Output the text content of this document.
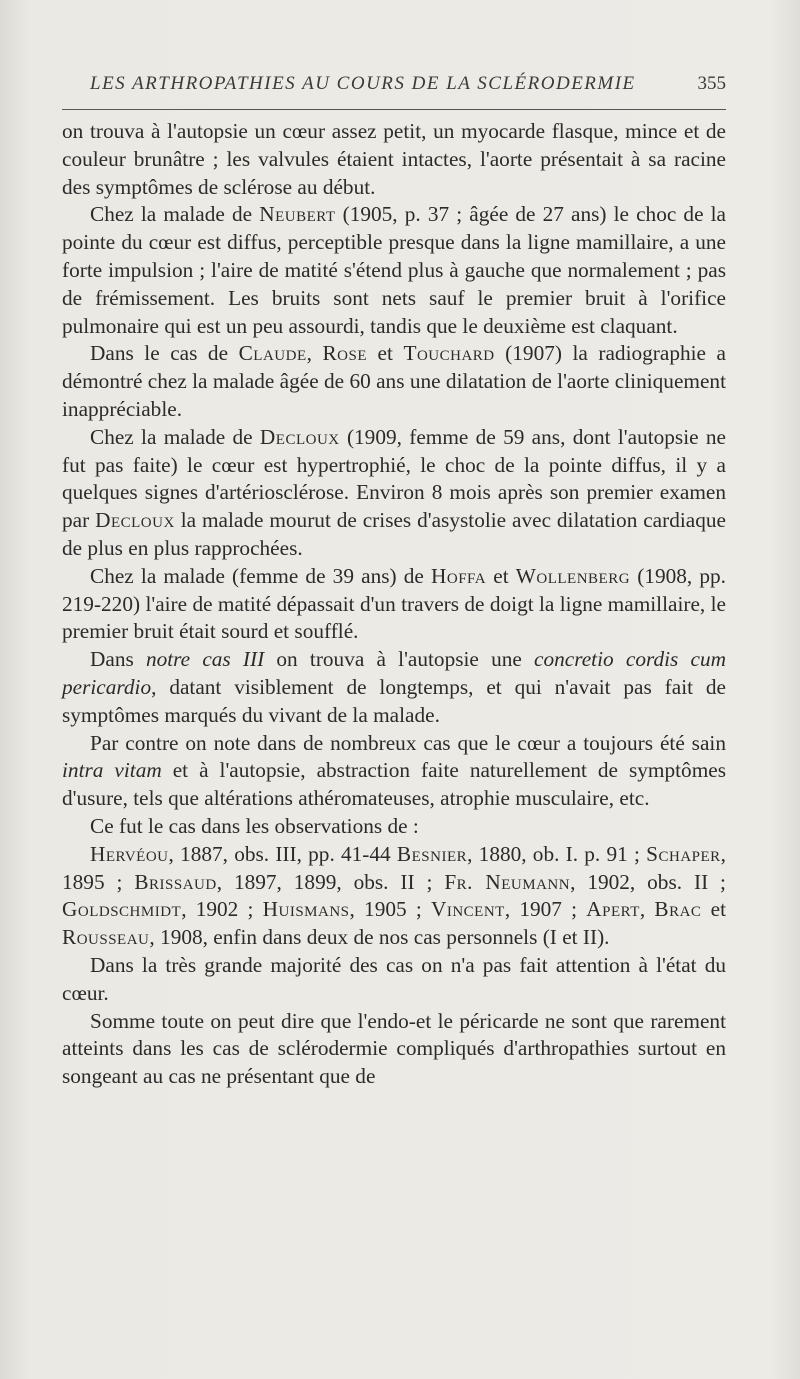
LES ARTHROPATHIES AU COURS DE LA SCLÉRODERMIE	355

on trouva à l'autopsie un cœur assez petit, un myocarde flasque, mince et de couleur brunâtre ; les valvules étaient intactes, l'aorte présentait à sa racine des symptômes de sclérose au début.

Chez la malade de Neubert (1905, p. 37 ; âgée de 27 ans) le choc de la pointe du cœur est diffus, perceptible presque dans la ligne mamillaire, a une forte impulsion ; l'aire de matité s'étend plus à gauche que normalement ; pas de frémissement. Les bruits sont nets sauf le premier bruit à l'orifice pulmonaire qui est un peu assourdi, tandis que le deuxième est claquant.

Dans le cas de Claude, Rose et Touchard (1907) la radiographie a démontré chez la malade âgée de 60 ans une dilatation de l'aorte cliniquement inappréciable.

Chez la malade de Decloux (1909, femme de 59 ans, dont l'autopsie ne fut pas faite) le cœur est hypertrophié, le choc de la pointe diffus, il y a quelques signes d'artériosclérose. Environ 8 mois après son premier examen par Decloux la malade mourut de crises d'asystolie avec dilatation cardiaque de plus en plus rapprochées.

Chez la malade (femme de 39 ans) de Hoffa et Wollenberg (1908, pp. 219-220) l'aire de matité dépassait d'un travers de doigt la ligne mamillaire, le premier bruit était sourd et soufflé.

Dans notre cas III on trouva à l'autopsie une concretio cordis cum pericardio, datant visiblement de longtemps, et qui n'avait pas fait de symptômes marqués du vivant de la malade.

Par contre on note dans de nombreux cas que le cœur a toujours été sain intra vitam et à l'autopsie, abstraction faite naturellement de symptômes d'usure, tels que altérations athéromateuses, atrophie musculaire, etc.

Ce fut le cas dans les observations de :

Hervéou, 1887, obs. III, pp. 41-44 Besnier, 1880, ob. I. p. 91 ; Schaper, 1895 ; Brissaud, 1897, 1899, obs. II ; Fr. Neumann, 1902, obs. II ; Goldschmidt, 1902 ; Huismans, 1905 ; Vincent, 1907 ; Apert, Brac et Rousseau, 1908, enfin dans deux de nos cas personnels (I et II).

Dans la très grande majorité des cas on n'a pas fait attention à l'état du cœur.

Somme toute on peut dire que l'endo-et le péricarde ne sont que rarement atteints dans les cas de sclérodermie compliqués d'arthropathies surtout en songeant au cas ne présentant que de
